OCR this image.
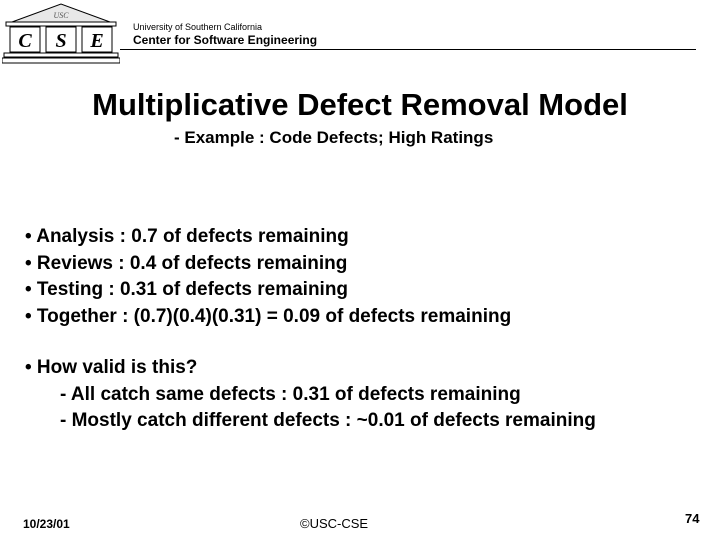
USC
C S E
University of Southern California
Center for Software Engineering
Multiplicative Defect Removal Model
- Example : Code Defects; High Ratings
• Analysis : 0.7 of defects remaining
• Reviews : 0.4 of defects remaining
• Testing : 0.31 of defects remaining
• Together : (0.7)(0.4)(0.31) = 0.09 of defects remaining
• How valid is this?
- All catch same defects : 0.31 of defects remaining
- Mostly catch different defects : ~0.01 of defects remaining
10/23/01	©USC-CSE	74
